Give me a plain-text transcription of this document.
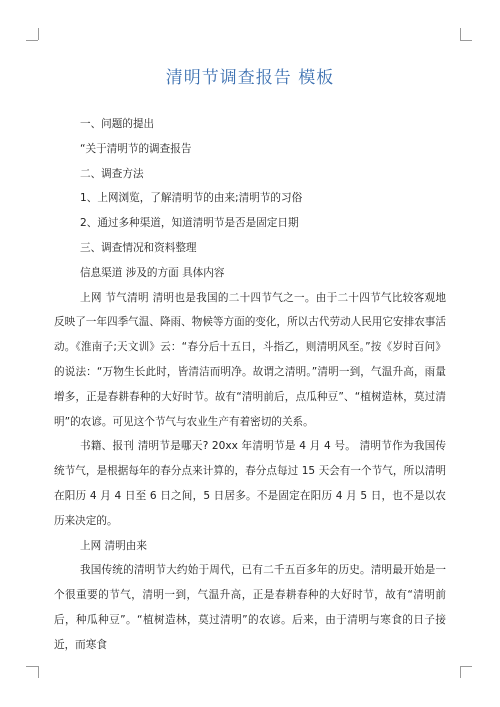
清明节调查报告 模板

一、问题的提出

“关于清明节的调查报告

二、调查方法

1、上网浏览，了解清明节的由来;清明节的习俗

2、通过多种渠道，知道清明节是否是固定日期

三、调查情况和资料整理

信息渠道 涉及的方面 具体内容

上网 节气清明 清明也是我国的二十四节气之一。由于二十四节气比较客观地反映了一年四季气温、降雨、物候等方面的变化，所以古代劳动人民用它安排农事活动。《淮南子;天文训》云：“春分后十五日，斗指乙，则清明风至。”按《岁时百问》的说法：“万物生长此时，皆清洁而明净。故谓之清明。”清明一到，气温升高，雨量增多，正是春耕春种的大好时节。故有“清明前后，点瓜种豆”、“植树造林，莫过清明”的农谚。可见这个节气与农业生产有着密切的关系。

书籍、报刊 清明节是哪天? 20xx 年清明节是 4 月 4 号。 清明节作为我国传统节气，是根据每年的春分点来计算的，春分点每过 15 天会有一个节气，所以清明在阳历 4 月 4 日至 6 日之间，5 日居多。不是固定在阳历 4 月 5 日，也不是以农历来决定的。

上网 清明由来

我国传统的清明节大约始于周代，已有二千五百多年的历史。清明最开始是一个很重要的节气，清明一到，气温升高，正是春耕春种的大好时节，故有“清明前后，种瓜种豆”。“植树造林，莫过清明”的农谚。后来，由于清明与寒食的日子接近，而寒食
